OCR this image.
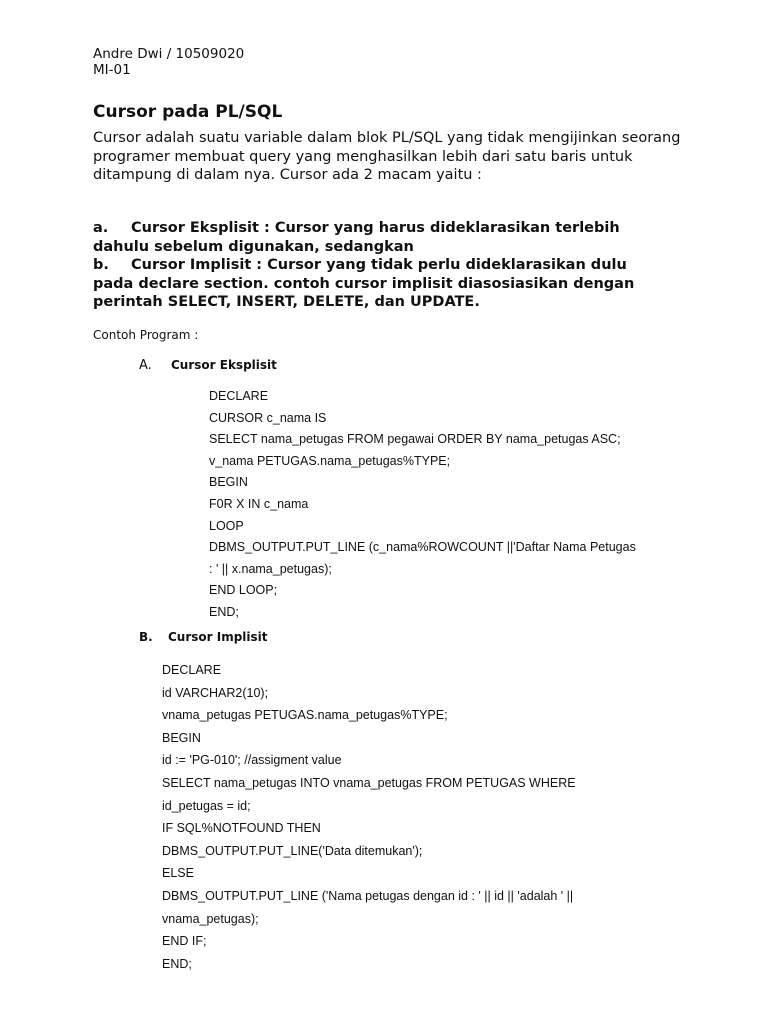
Andre Dwi / 10509020
MI-01
Cursor pada PL/SQL
Cursor adalah suatu variable dalam blok PL/SQL yang tidak mengijinkan seorang programer membuat query yang menghasilkan lebih dari satu baris untuk ditampung di dalam nya. Cursor ada 2 macam yaitu :
a. Cursor Eksplisit : Cursor yang harus dideklarasikan terlebih
dahulu sebelum digunakan, sedangkan
b. Cursor Implisit : Cursor yang tidak perlu dideklarasikan dulu
pada declare section. contoh cursor implisit diasosiasikan dengan
perintah SELECT, INSERT, DELETE, dan UPDATE.
Contoh Program :
A. Cursor Eksplisit
DECLARE
CURSOR c_nama IS
SELECT nama_petugas FROM pegawai ORDER BY nama_petugas ASC;
v_nama PETUGAS.nama_petugas%TYPE;
BEGIN
F0R X IN c_nama
LOOP
DBMS_OUTPUT.PUT_LINE (c_nama%ROWCOUNT ||'Daftar Nama Petugas
: ' || x.nama_petugas);
END LOOP;
END;
B. Cursor Implisit
DECLARE
id VARCHAR2(10);
vnama_petugas PETUGAS.nama_petugas%TYPE;
BEGIN
id := 'PG-010'; //assigment value
SELECT nama_petugas INTO vnama_petugas FROM PETUGAS WHERE
id_petugas = id;
IF SQL%NOTFOUND THEN
DBMS_OUTPUT.PUT_LINE('Data ditemukan');
ELSE
DBMS_OUTPUT.PUT_LINE ('Nama petugas dengan id : ' || id || 'adalah ' ||
vnama_petugas);
END IF;
END;
